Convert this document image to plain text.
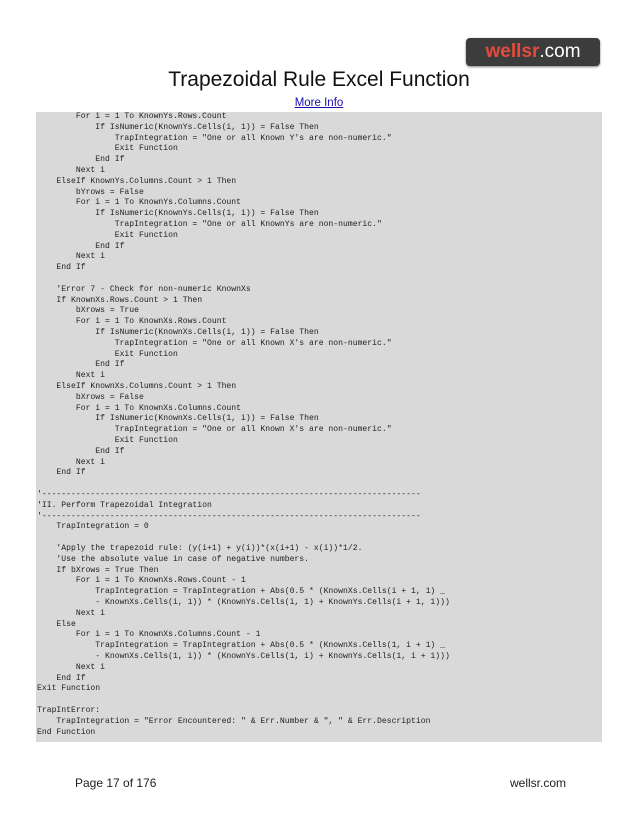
wellsr.com
Trapezoidal Rule Excel Function
More Info
For i = 1 To KnownYs.Rows.Count
If IsNumeric(KnownYs.Cells(i, 1)) = False Then
TrapIntegration = "One or all Known Y's are non-numeric."
Exit Function
End If
Next i
ElseIf KnownYs.Columns.Count > 1 Then
bYrows = False
For i = 1 To KnownYs.Columns.Count
If IsNumeric(KnownYs.Cells(1, i)) = False Then
TrapIntegration = "One or all KnownYs are non-numeric."
Exit Function
End If
Next i
End If
'Error 7 - Check for non-numeric KnownXs
If KnownXs.Rows.Count > 1 Then
bXrows = True
For i = 1 To KnownXs.Rows.Count
If IsNumeric(KnownXs.Cells(i, 1)) = False Then
TrapIntegration = "One or all Known X's are non-numeric."
Exit Function
End If
Next i
ElseIf KnownXs.Columns.Count > 1 Then
bXrows = False
For i = 1 To KnownXs.Columns.Count
If IsNumeric(KnownXs.Cells(1, i)) = False Then
TrapIntegration = "One or all Known X's are non-numeric."
Exit Function
End If
Next i
End If
'------------------------------------------------------------------------------
'II. Perform Trapezoidal Integration
'------------------------------------------------------------------------------
TrapIntegration = 0
'Apply the trapezoid rule: (y(i+1) + y(i))*(x(i+1) - x(i))*1/2.
'Use the absolute value in case of negative numbers.
If bXrows = True Then
For i = 1 To KnownXs.Rows.Count - 1
TrapIntegration = TrapIntegration + Abs(0.5 * (KnownXs.Cells(i + 1, 1) _
- KnownXs.Cells(i, 1)) * (KnownYs.Cells(i, 1) + KnownYs.Cells(i + 1, 1)))
Next i
Else
For i = 1 To KnownXs.Columns.Count - 1
TrapIntegration = TrapIntegration + Abs(0.5 * (KnownXs.Cells(1, i + 1) _
- KnownXs.Cells(1, i)) * (KnownYs.Cells(1, i) + KnownYs.Cells(1, i + 1)))
Next i
End If
Exit Function
TrapIntError:
TrapIntegration = "Error Encountered: " & Err.Number & ", " & Err.Description
End Function
Page 17 of 176	wellsr.com
